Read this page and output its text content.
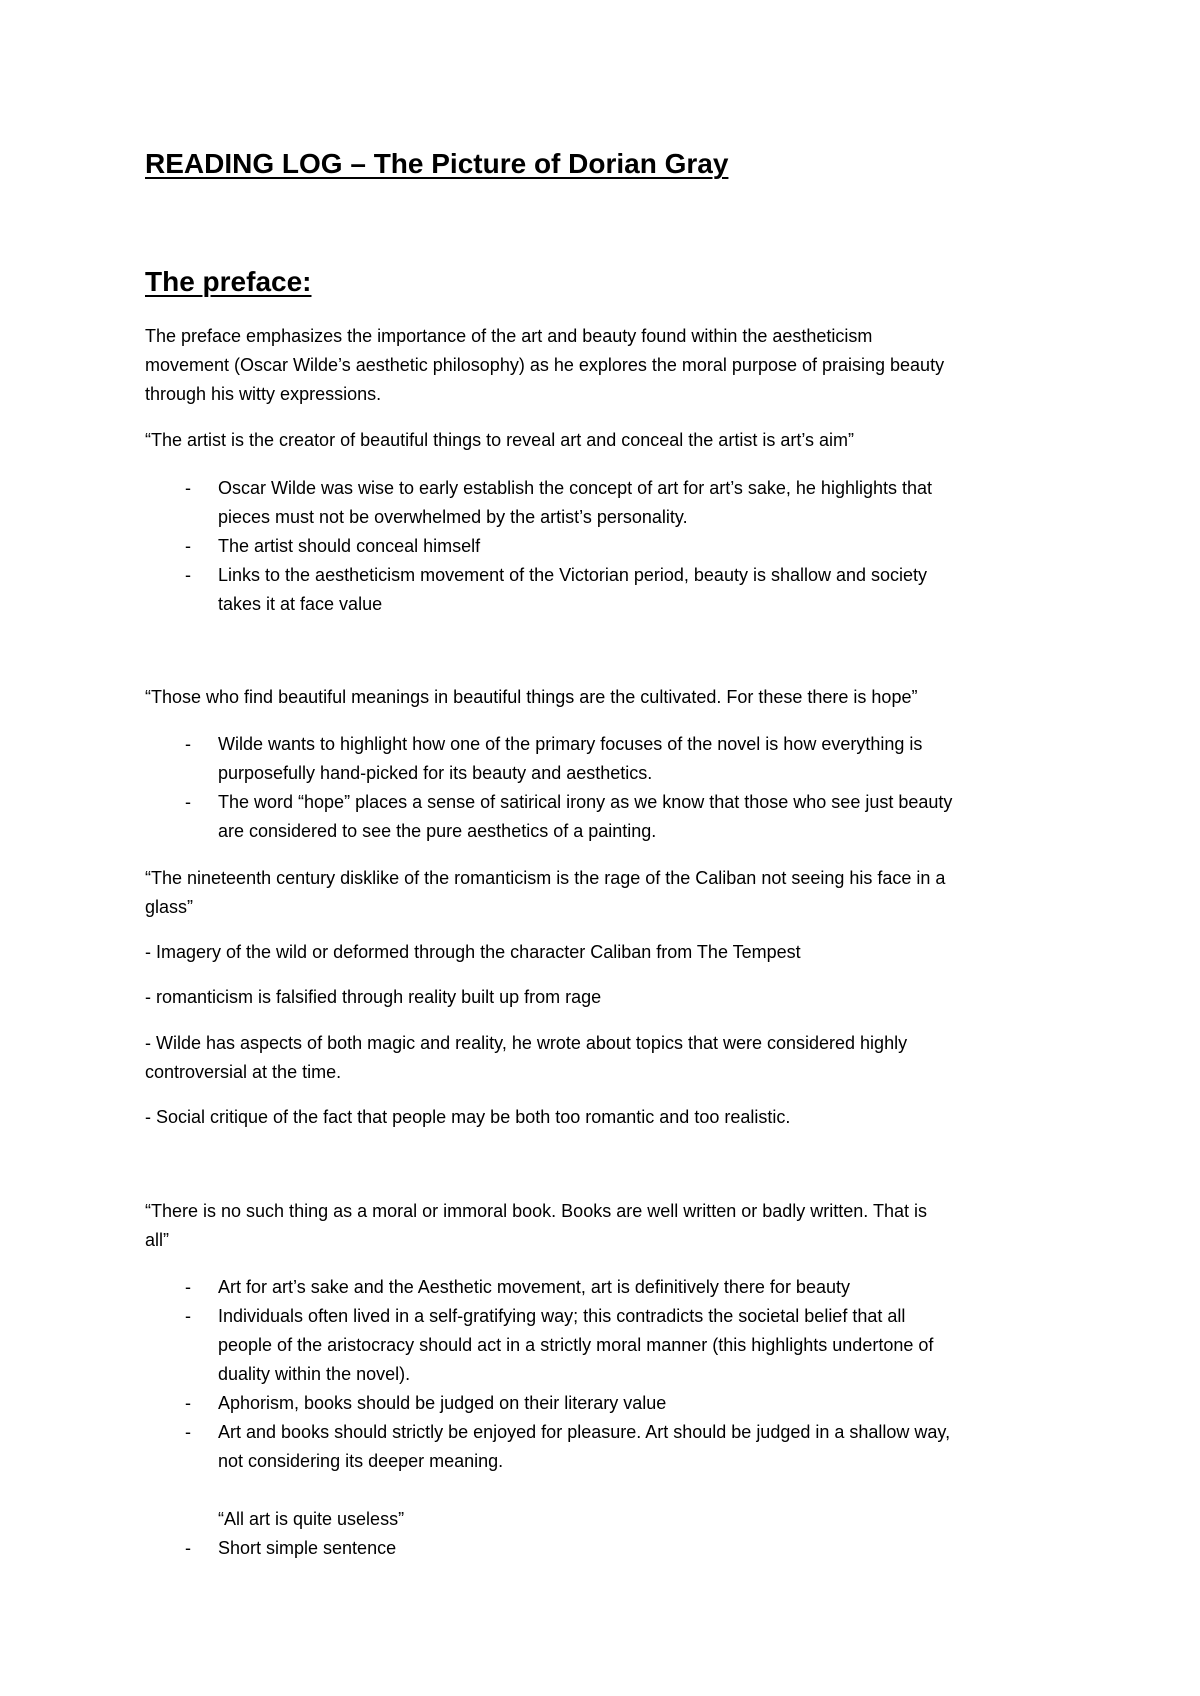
READING LOG – The Picture of Dorian Gray
The preface:
The preface emphasizes the importance of the art and beauty found within the aestheticism
movement (Oscar Wilde’s aesthetic philosophy) as he explores the moral purpose of praising beauty
through his witty expressions.
“The artist is the creator of beautiful things to reveal art and conceal the artist is art’s aim”
- Oscar Wilde was wise to early establish the concept of art for art’s sake, he highlights that
pieces must not be overwhelmed by the artist’s personality.
- The artist should conceal himself
- Links to the aestheticism movement of the Victorian period, beauty is shallow and society
takes it at face value
“Those who find beautiful meanings in beautiful things are the cultivated. For these there is hope”
- Wilde wants to highlight how one of the primary focuses of the novel is how everything is
purposefully hand-picked for its beauty and aesthetics.
- The word “hope” places a sense of satirical irony as we know that those who see just beauty
are considered to see the pure aesthetics of a painting.
“The nineteenth century disklike of the romanticism is the rage of the Caliban not seeing his face in a
glass”
- Imagery of the wild or deformed through the character Caliban from The Tempest
- romanticism is falsified through reality built up from rage
- Wilde has aspects of both magic and reality, he wrote about topics that were considered highly
controversial at the time.
- Social critique of the fact that people may be both too romantic and too realistic.
“There is no such thing as a moral or immoral book. Books are well written or badly written. That is
all”
- Art for art’s sake and the Aesthetic movement, art is definitively there for beauty
- Individuals often lived in a self-gratifying way; this contradicts the societal belief that all
people of the aristocracy should act in a strictly moral manner (this highlights undertone of
duality within the novel).
- Aphorism, books should be judged on their literary value
- Art and books should strictly be enjoyed for pleasure. Art should be judged in a shallow way,
not considering its deeper meaning.
“All art is quite useless”
- Short simple sentence
